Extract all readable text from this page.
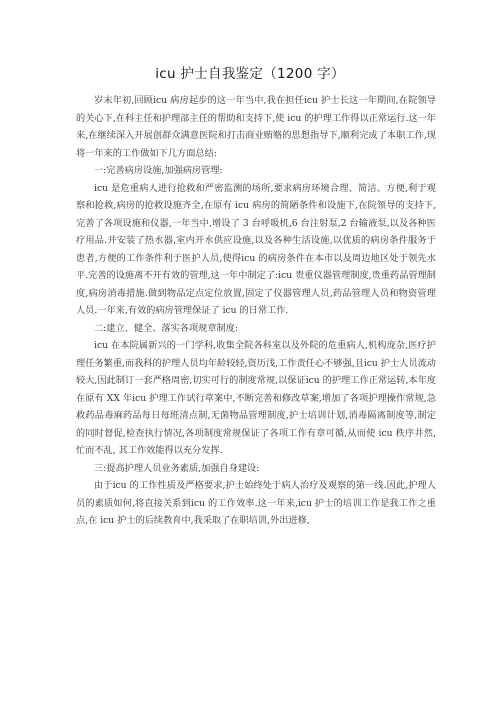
icu 护士自我鉴定（1200 字）

岁末年初,回顾icu 病房起步的这一年当中,我在担任icu 护士长这一年期间,在院领导的关心下,在科主任和护理部主任的帮助和支持下,使 icu 的护理工作得以正常运行.这一年来,在继续深入开展创群众满意医院和打击商业贿赂的思想指导下,顺利完成了本职工作,现将一年来的工作做如下几方面总结:

一:完善病房设施,加强病房管理:

icu 是危重病人进行抢救和严密监测的场所,要求病房环境合理、简洁、方便,利于观察和抢救,病房的抢救设施齐全,在原有 icu 病房的简陋条件和设施下,在院领导的支持下,完善了各项设施和仪器,一年当中,增设了 3 台呼吸机,6 台注射泵,2 台输液泵,以及各种医疗用品.并安装了热水器,室内开水供应设施,以及各种生活设施,以优质的病房条件服务于患者,方便的工作条件利于医护人员,使得icu 的病房条件在本市以及周边地区处于领先水平.完善的设施离不开有效的管理,这一年中制定了:icu 贵重仪器管理制度,贵重药品管理制度,病房消毒措施.做到物品定点定位放置,固定了仪器管理人员,药品管理人员和物资管理人员.一年来,有效的病房管理保证了 icu 的日常工作.

二:建立、健全、落实各项规章制度:

icu 在本院属新兴的一门学科,收集全院各科室以及外院的危重病人,机构庞杂,医疗护理任务繁重,而我科的护理人员均年龄较轻,资历浅,工作责任心不够强,且icu 护士人员流动较大,因此制订一套严格周密,切实可行的制度常规,以保证icu 的护理工作正常运转,本年度在原有 XX 年icu 护理工作试行草案中,不断完善和修改草案,增加了各项护理操作常规,急救药品毒麻药品每日每班清点制,无菌物品管理制度,护士培训计划,消毒隔离制度等,制定的同时督促,检查执行情况,各项制度常规保证了各项工作有章可循,从而使 icu 秩序井然,忙而不乱, 其工作效能得以充分发挥.

三:提高护理人员业务素质,加强自身建设:

由于icu 的工作性质及严格要求,护士始终处于病人治疗及观察的第一线.因此,护理人员的素质如何,将直接关系到icu 的工作效率.这一年来,icu 护士的培训工作是我工作之重点,在 icu 护士的后续教育中,我采取了在职培训,外出进修,
